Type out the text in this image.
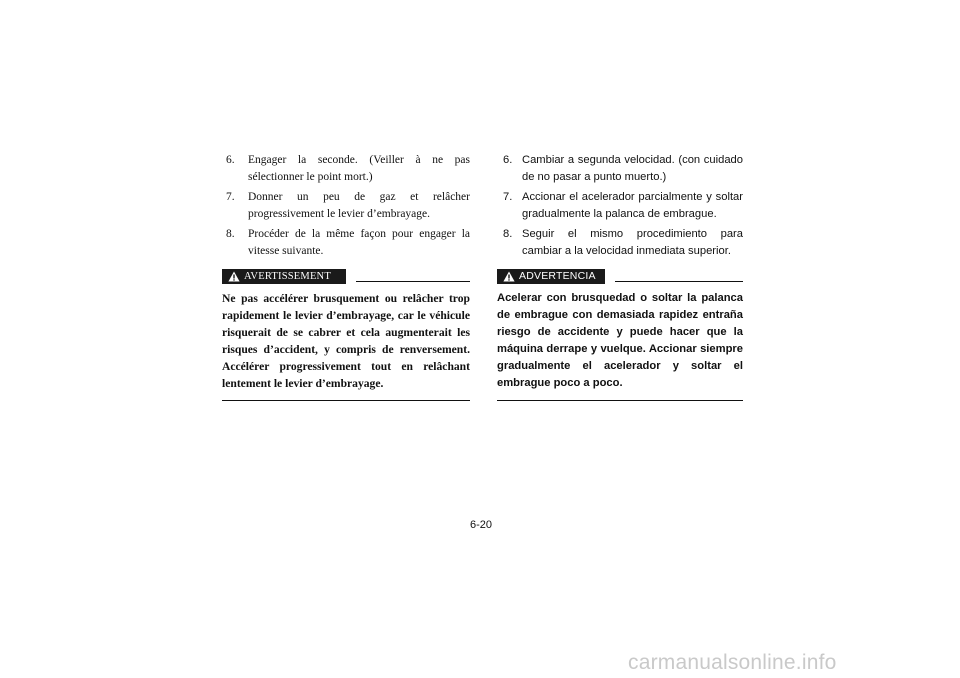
6.	Engager la seconde. (Veiller à ne pas sélectionner le point mort.)
7.	Donner un peu de gaz et relâcher progressivement le levier d’embrayage.
8.	Procéder de la même façon pour engager la vitesse suivante.
AVERTISSEMENT
Ne pas accélérer brusquement ou relâcher trop rapidement le levier d’embrayage, car le véhicule risquerait de se cabrer et cela augmenterait les risques d’accident, y compris de renversement. Accélérer progressivement tout en relâchant lentement le levier d’embrayage.
6. Cambiar a segunda velocidad. (con cuidado de no pasar a punto muerto.)
7. Accionar el acelerador parcialmente y soltar gradualmente la palanca de embrague.
8. Seguir el mismo procedimiento para cambiar a la velocidad inmediata superior.
ADVERTENCIA
Acelerar con brusquedad o soltar la palanca de embrague con demasiada rapidez entraña riesgo de accidente y puede hacer que la máquina derrape y vuelque. Accionar siempre gradualmente el acelerador y soltar el embrague poco a poco.
6-20
carmanualsonline.info
